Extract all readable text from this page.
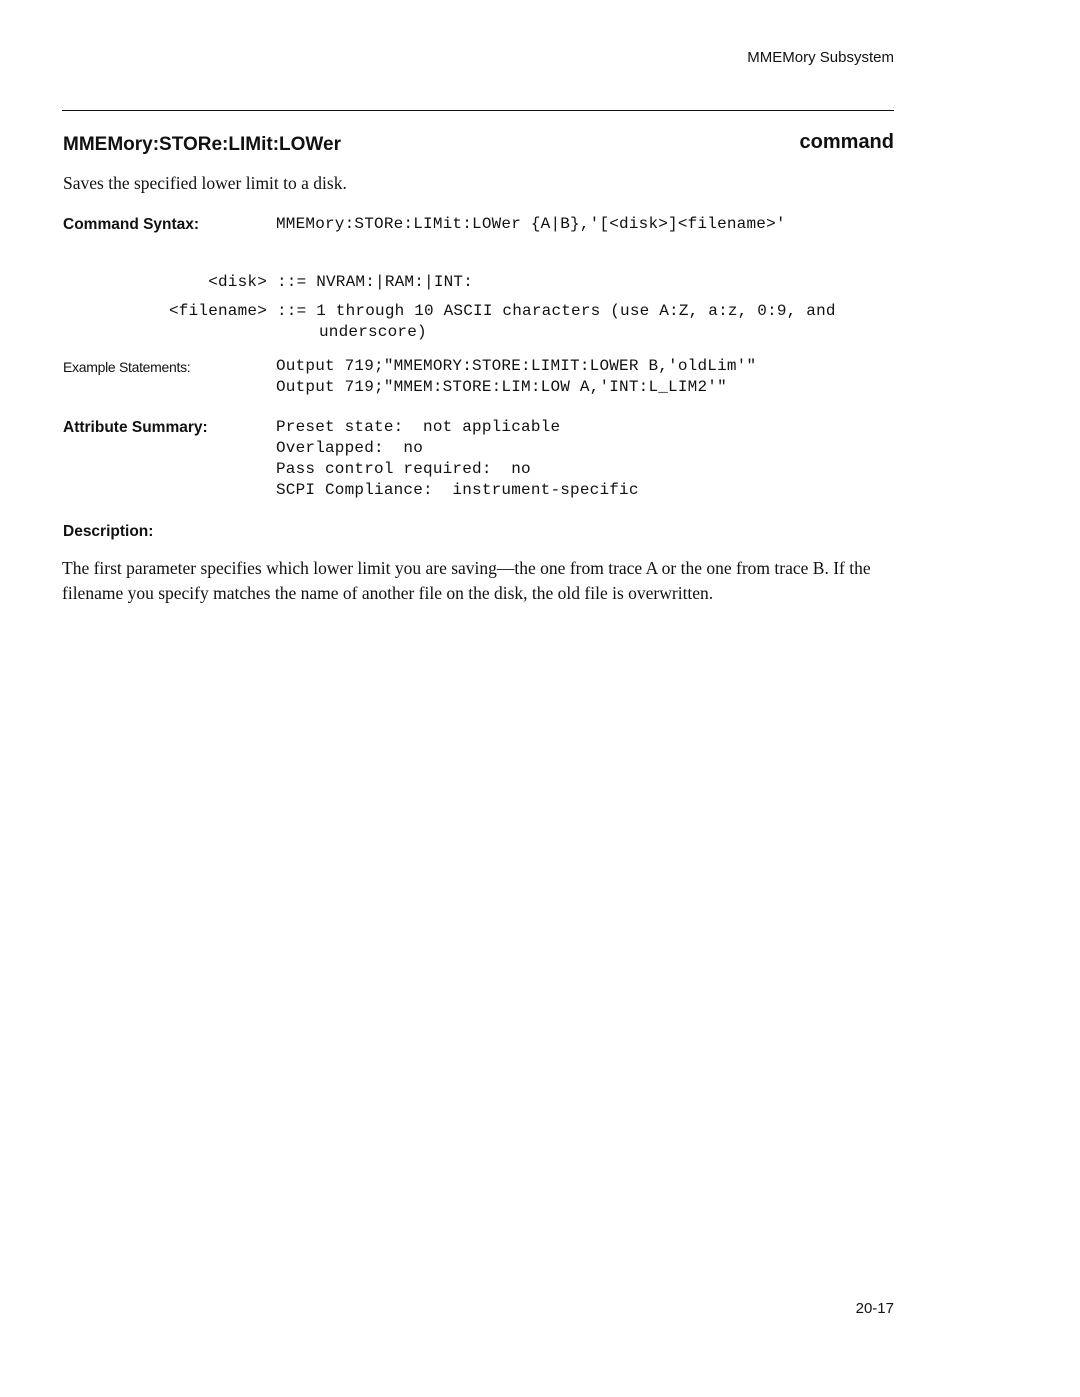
MMEMory Subsystem
MMEMory:STORe:LIMit:LOWer	command
Saves the specified lower limit to a disk.
Command Syntax:	MMEMory:STORe:LIMit:LOWer {A|B},'[<disk>]<filename>'
<disk> ::= NVRAM:|RAM:|INT:
<filename> ::= 1 through 10 ASCII characters (use A:Z, a:z, 0:9, and
underscore)
Example Statements:	Output 719;"MMEMORY:STORE:LIMIT:LOWER B,'oldLim'"
Output 719;"MMEM:STORE:LIM:LOW A,'INT:L_LIM2'"
Attribute Summary:	Preset state:  not applicable
Overlapped:  no
Pass control required:  no
SCPI Compliance:  instrument-specific
Description:
The first parameter specifies which lower limit you are saving—the one from trace A or the one from trace B. If the filename you specify matches the name of another file on the disk, the old file is overwritten.
20-17
